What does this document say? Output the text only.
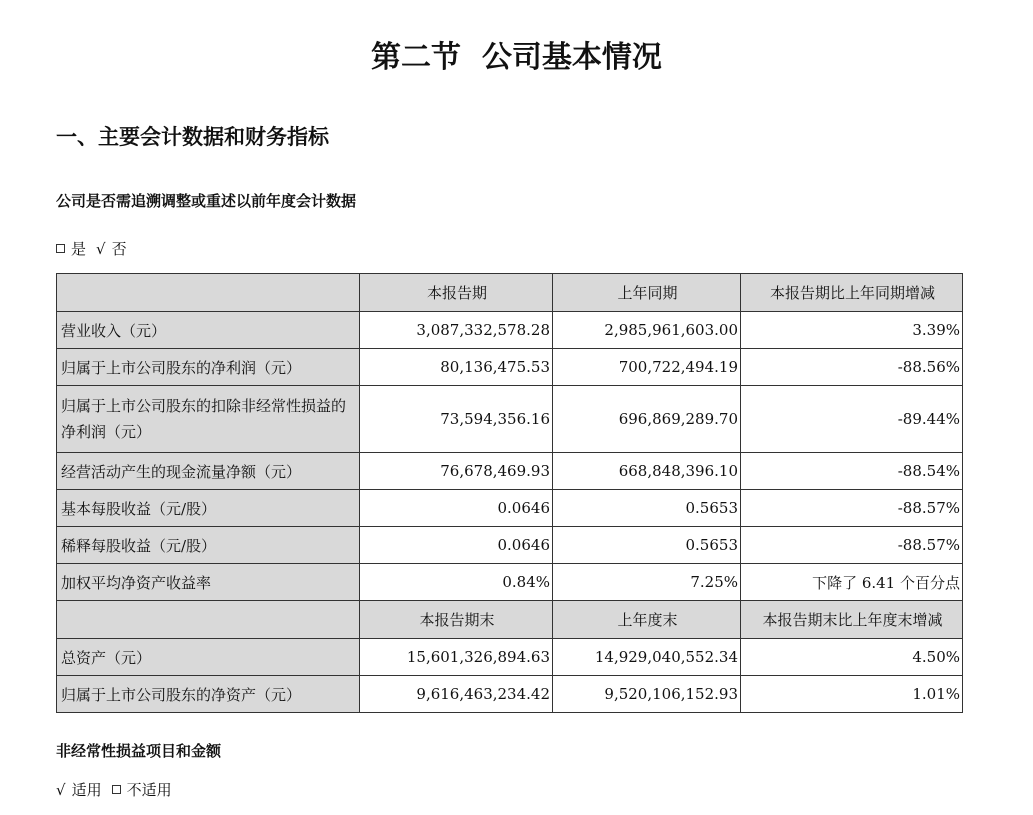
第二节  公司基本情况
一、主要会计数据和财务指标
公司是否需追溯调整或重述以前年度会计数据
是 √ 否
	本报告期	上年同期	本报告期比上年同期增减
营业收入（元）	3,087,332,578.28	2,985,961,603.00	3.39%
归属于上市公司股东的净利润（元）	80,136,475.53	700,722,494.19	-88.56%
归属于上市公司股东的扣除非经常性损益的净利润（元）	73,594,356.16	696,869,289.70	-89.44%
经营活动产生的现金流量净额（元）	76,678,469.93	668,848,396.10	-88.54%
基本每股收益（元/股）	0.0646	0.5653	-88.57%
稀释每股收益（元/股）	0.0646	0.5653	-88.57%
加权平均净资产收益率	0.84%	7.25%	下降了 6.41 个百分点
	本报告期末	上年度末	本报告期末比上年度末增减
总资产（元）	15,601,326,894.63	14,929,040,552.34	4.50%
归属于上市公司股东的净资产（元）	9,616,463,234.42	9,520,106,152.93	1.01%
非经常性损益项目和金额
√ 适用 不适用
